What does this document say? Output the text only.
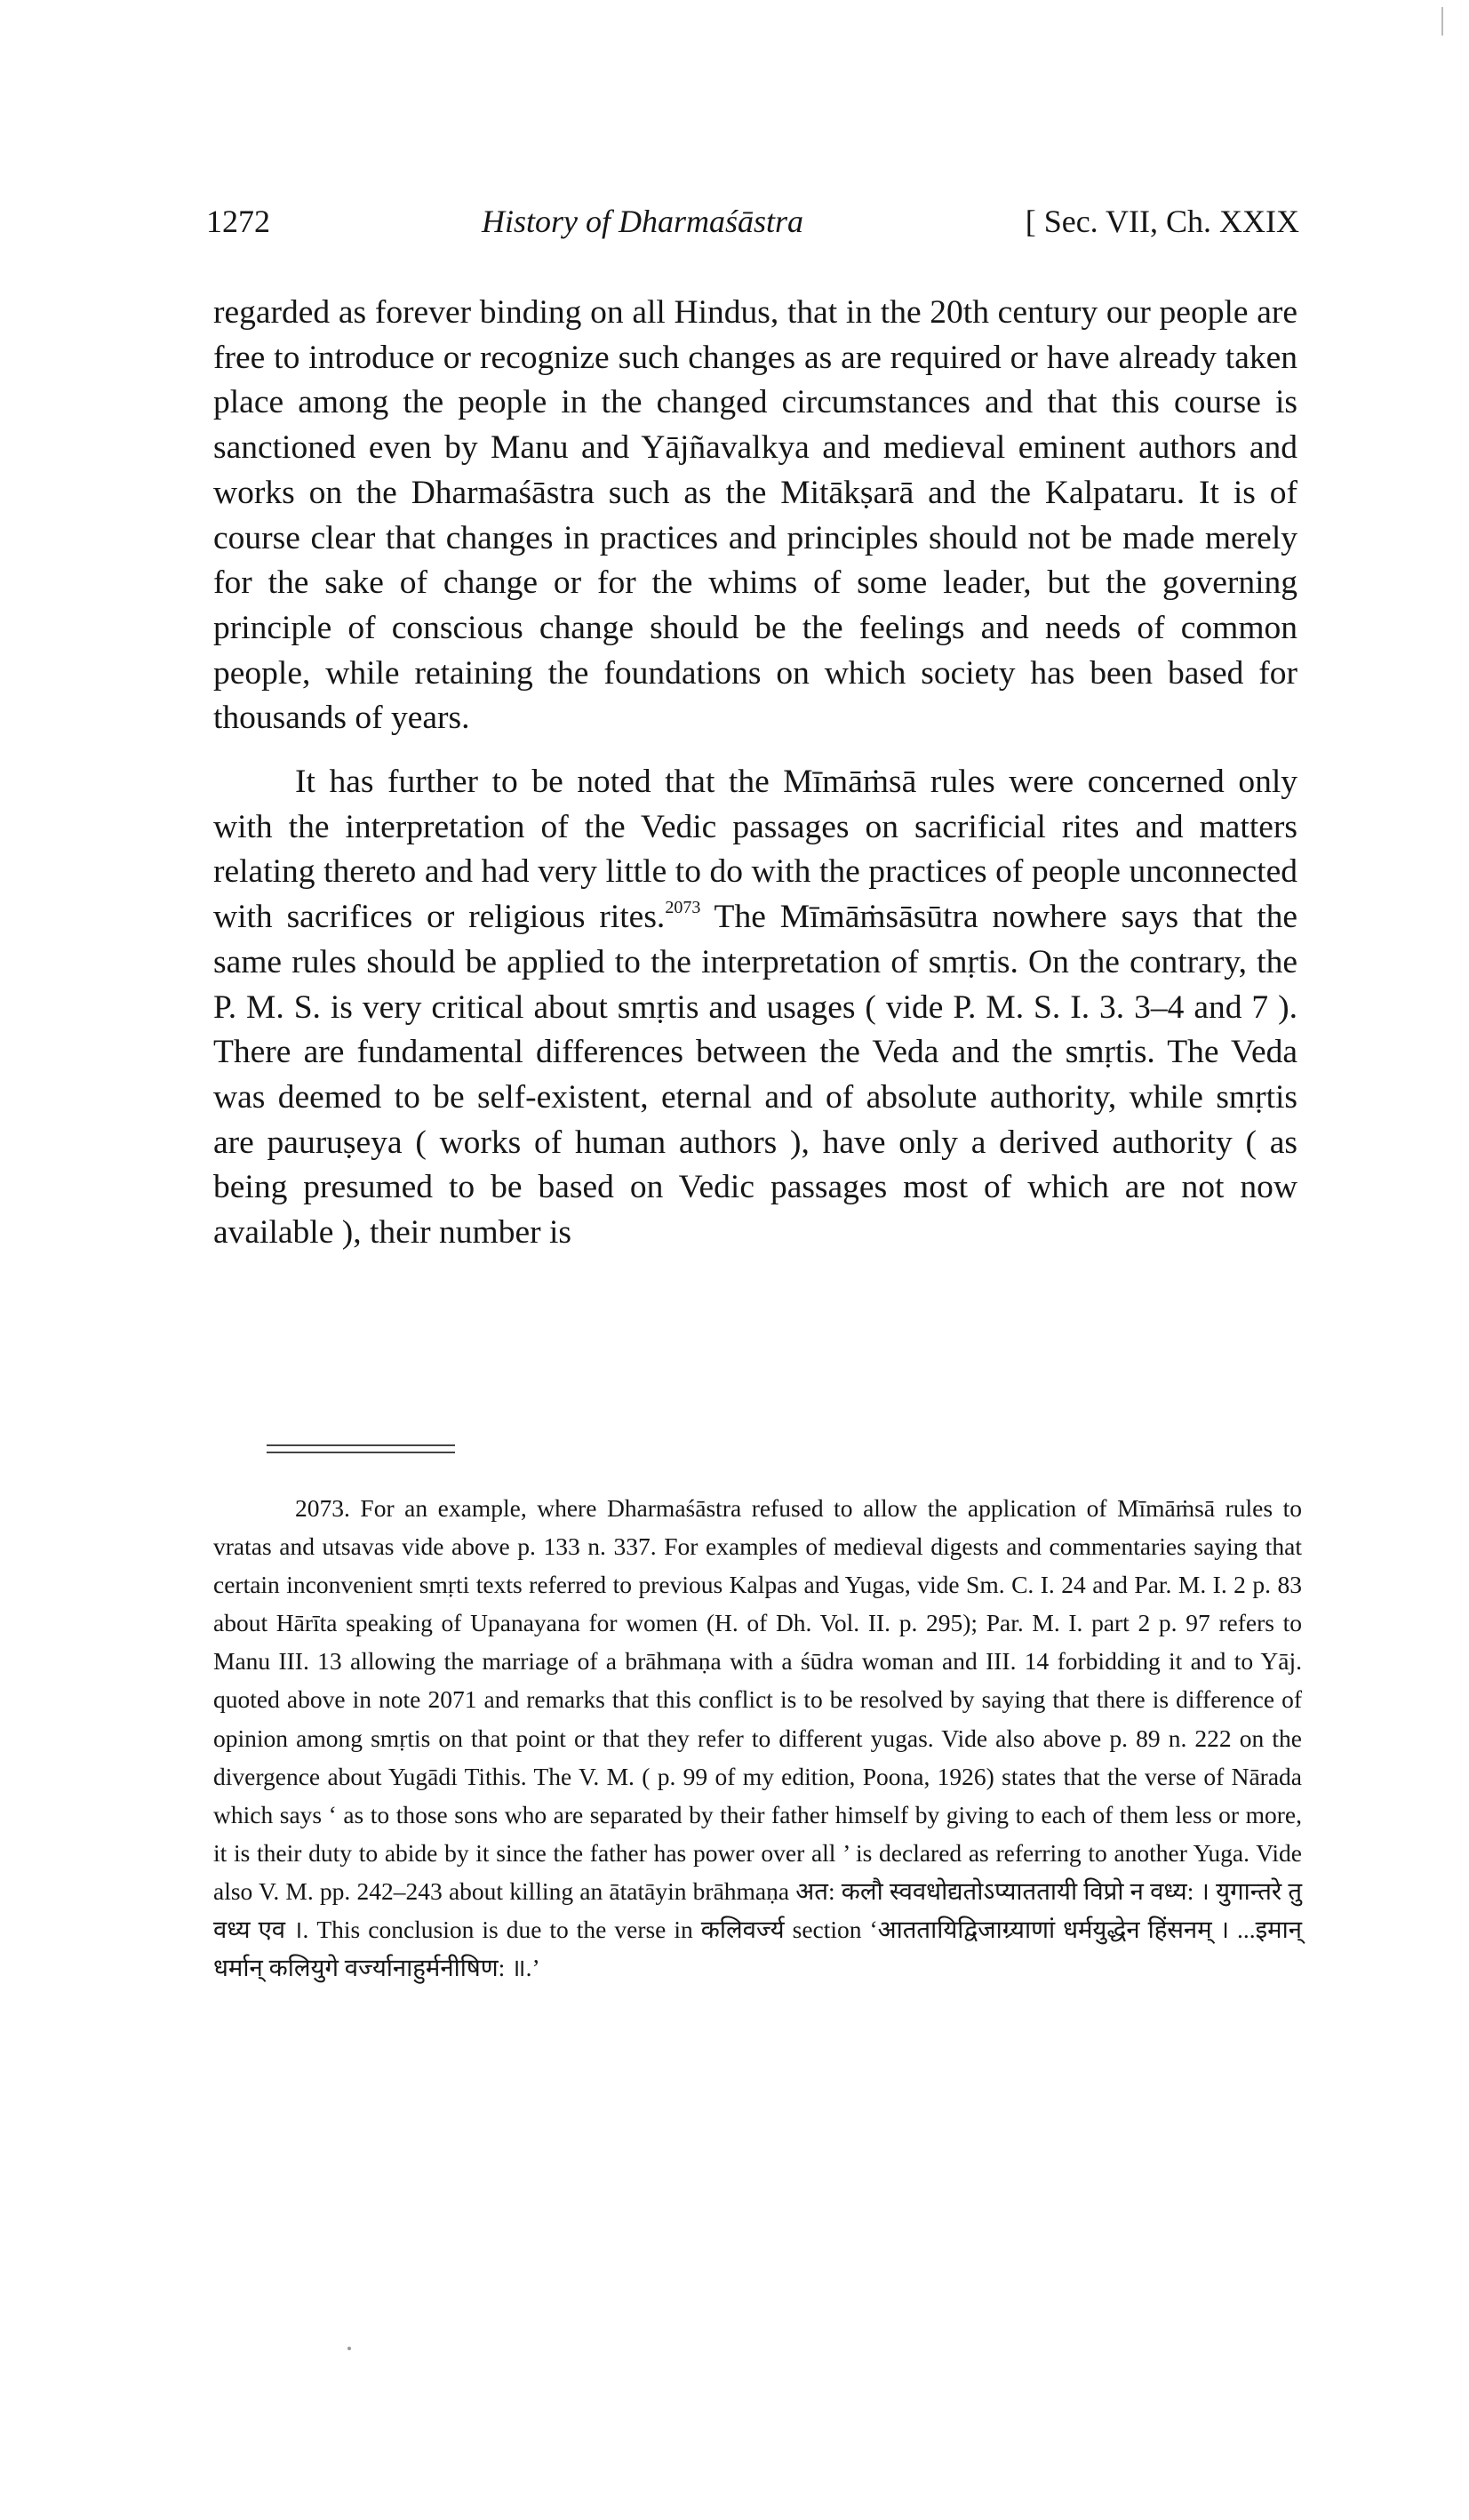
1272	History of Dharmaśāstra	[ Sec. VII, Ch. XXIX

regarded as forever binding on all Hindus, that in the 20th century our people are free to introduce or recognize such changes as are required or have already taken place among the people in the changed circumstances and that this course is sanctioned even by Manu and Yājñavalkya and medieval eminent authors and works on the Dharmaśāstra such as the Mitākṣarā and the Kalpataru. It is of course clear that changes in practices and principles should not be made merely for the sake of change or for the whims of some leader, but the governing principle of conscious change should be the feelings and needs of common people, while retaining the foundations on which society has been based for thousands of years.

It has further to be noted that the Mīmāṁsā rules were concerned only with the interpretation of the Vedic passages on sacrificial rites and matters relating thereto and had very little to do with the practices of people unconnected with sacrifices or religious rites.$^{2073}$ The Mīmāṁsāsūtra nowhere says that the same rules should be applied to the interpretation of smṛtis. On the contrary, the P. M. S. is very critical about smṛtis and usages ( vide P. M. S. I. 3. 3–4 and 7 ). There are fundamental differences between the Veda and the smṛtis. The Veda was deemed to be self-existent, eternal and of absolute authority, while smṛtis are pauruṣeya ( works of human authors ), have only a derived authority ( as being presumed to be based on Vedic passages most of which are not now available ), their number is

2073. For an example, where Dharmaśāstra refused to allow the application of Mīmāṁsā rules to vratas and utsavas vide above p. 133 n. 337. For examples of medieval digests and commentaries saying that certain inconvenient smṛti texts referred to previous Kalpas and Yugas, vide Sm. C. I. 24 and Par. M. I. 2 p. 83 about Hārīta speaking of Upanayana for women (H. of Dh. Vol. II. p. 295); Par. M. I. part 2 p. 97 refers to Manu III. 13 allowing the marriage of a brāhmaṇa with a śūdra woman and III. 14 forbidding it and to Yāj. quoted above in note 2071 and remarks that this conflict is to be resolved by saying that there is difference of opinion among smṛtis on that point or that they refer to different yugas. Vide also above p. 89 n. 222 on the divergence about Yugādi Tithis. The V. M. ( p. 99 of my edition, Poona, 1926) states that the verse of Nārada which says ‘ as to those sons who are separated by their father himself by giving to each of them less or more, it is their duty to abide by it since the father has power over all ’ is declared as referring to another Yuga. Vide also V. M. pp. 242–243 about killing an ātatāyin brāhmaṇa अत: कलौ स्ववधोद्यतोऽप्याततायी विप्रो न वध्य: । युगान्तरे तु वध्य एव ।. This conclusion is due to the verse in कलिवर्ज्य section ‘आततायिद्विजाग्र्याणां धर्मयुद्धेन हिंसनम् । ...इमान् धर्मान् कलियुगे वर्ज्यानाहुर्मनीषिण: ॥.’
